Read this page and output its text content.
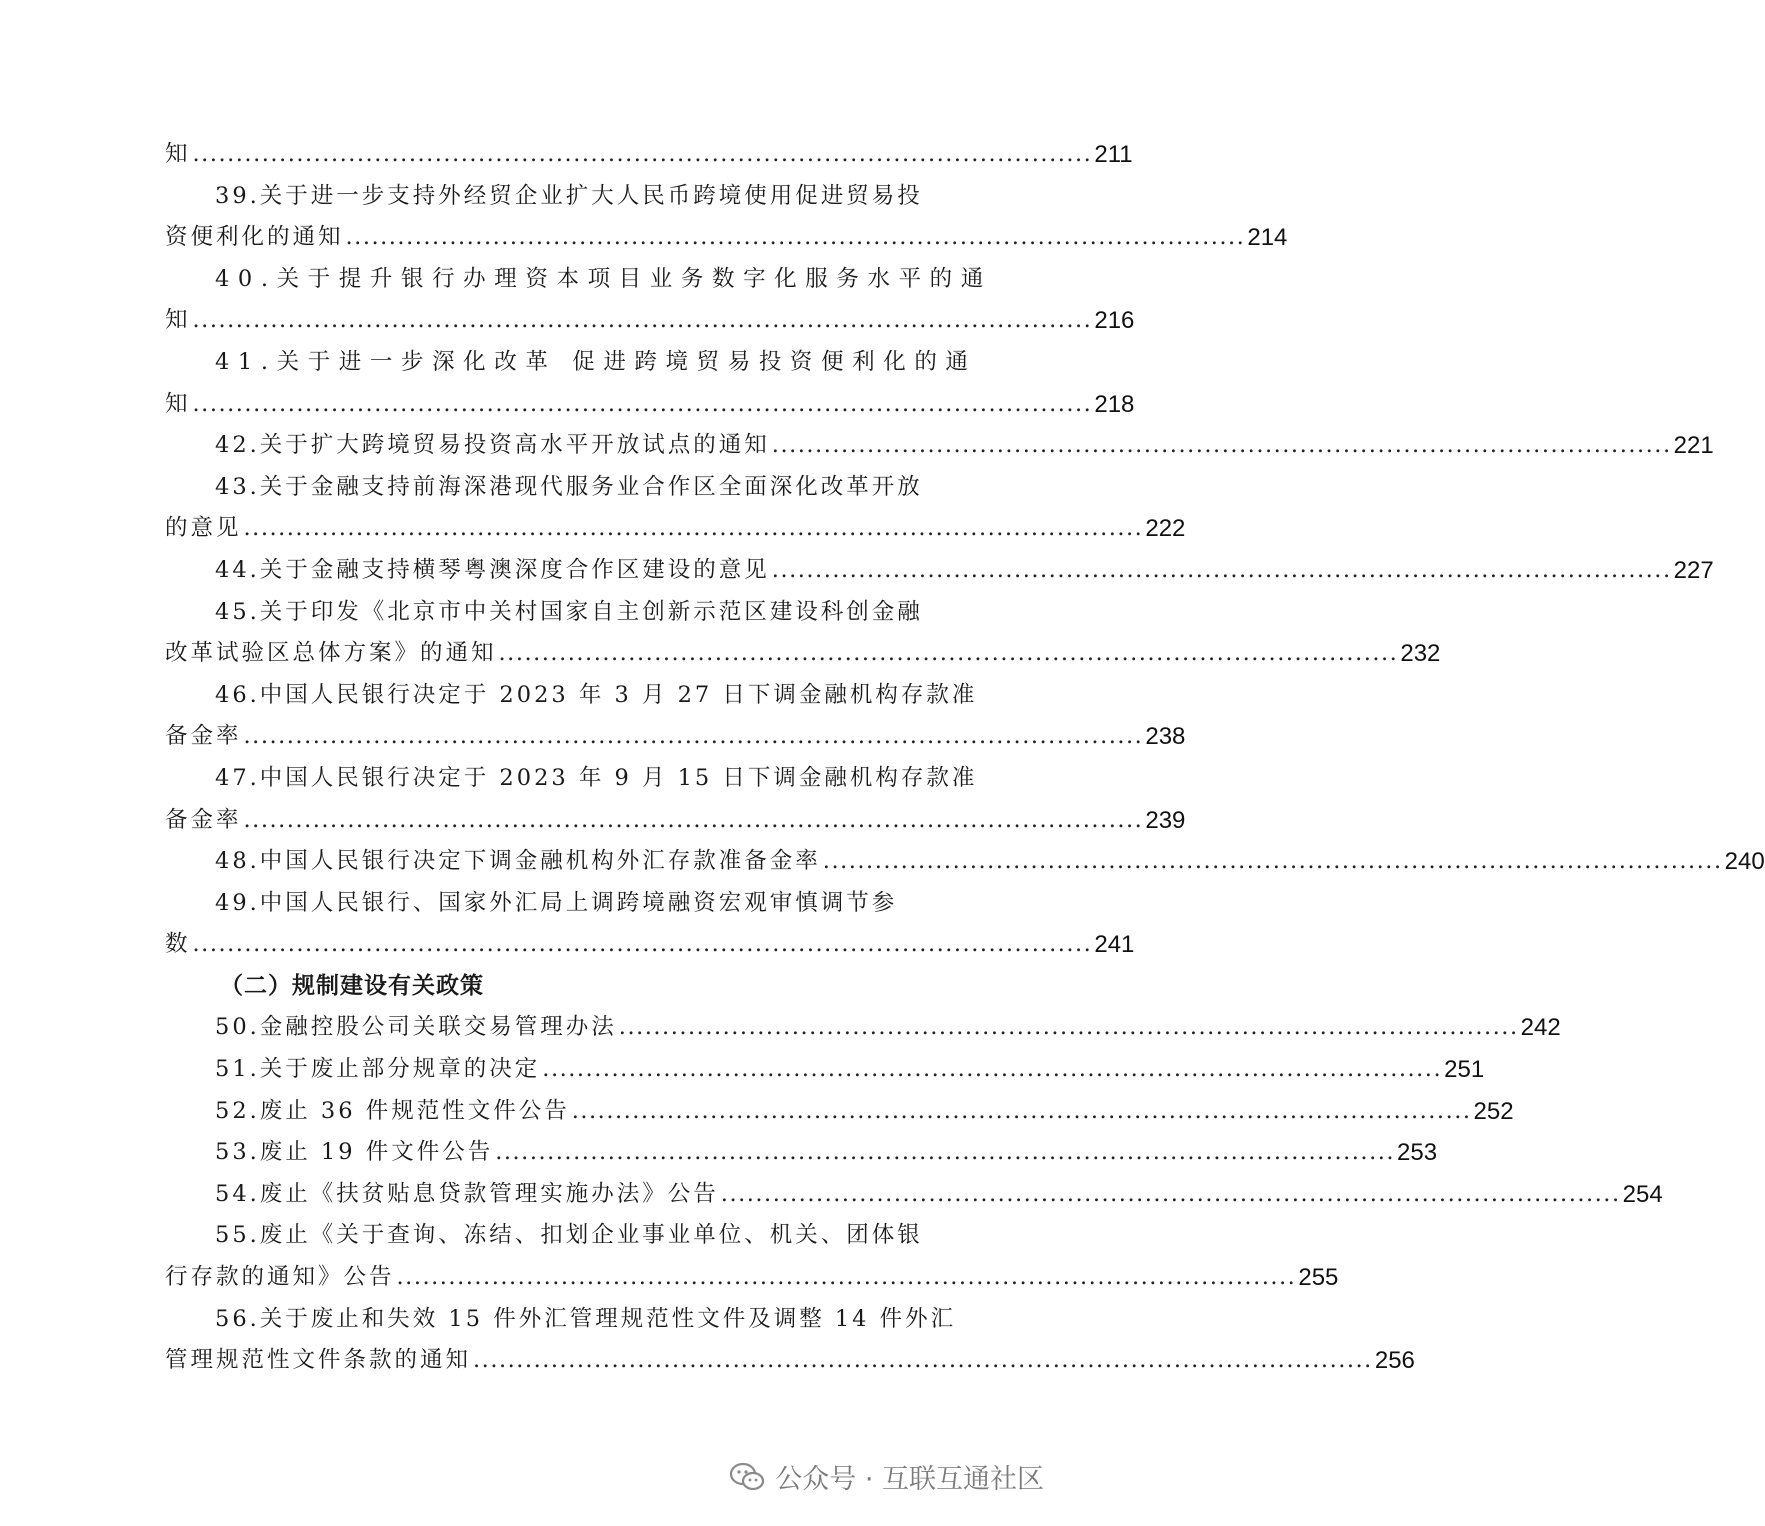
知 ........................................................................................................ 211
39.关于进一步支持外经贸企业扩大人民币跨境使用促进贸易投
资便利化的通知 ........................................................................................................ 214
40.关于提升银行办理资本项目业务数字化服务水平的通
知 ........................................................................................................ 216
41.关于进一步深化改革 促进跨境贸易投资便利化的通
知 ........................................................................................................ 218
42.关于扩大跨境贸易投资高水平开放试点的通知 ........................................................................................................ 221
43.关于金融支持前海深港现代服务业合作区全面深化改革开放
的意见 ........................................................................................................ 222
44.关于金融支持横琴粤澳深度合作区建设的意见 ........................................................................................................ 227
45.关于印发《北京市中关村国家自主创新示范区建设科创金融
改革试验区总体方案》的通知 ........................................................................................................ 232
46.中国人民银行决定于 2023 年 3 月 27 日下调金融机构存款准
备金率 ........................................................................................................ 238
47.中国人民银行决定于 2023 年 9 月 15 日下调金融机构存款准
备金率 ........................................................................................................ 239
48.中国人民银行决定下调金融机构外汇存款准备金率 ........................................................................................................ 240
49.中国人民银行、国家外汇局上调跨境融资宏观审慎调节参
数 ........................................................................................................ 241
（二）规制建设有关政策
50.金融控股公司关联交易管理办法 ........................................................................................................ 242
51.关于废止部分规章的决定 ........................................................................................................ 251
52.废止 36 件规范性文件公告 ........................................................................................................ 252
53.废止 19 件文件公告 ........................................................................................................ 253
54.废止《扶贫贴息贷款管理实施办法》公告 ........................................................................................................ 254
55.废止《关于查询、冻结、扣划企业事业单位、机关、团体银
行存款的通知》公告 ........................................................................................................ 255
56.关于废止和失效 15 件外汇管理规范性文件及调整 14 件外汇
管理规范性文件条款的通知 ........................................................................................................ 256
公众号 · 互联互通社区
